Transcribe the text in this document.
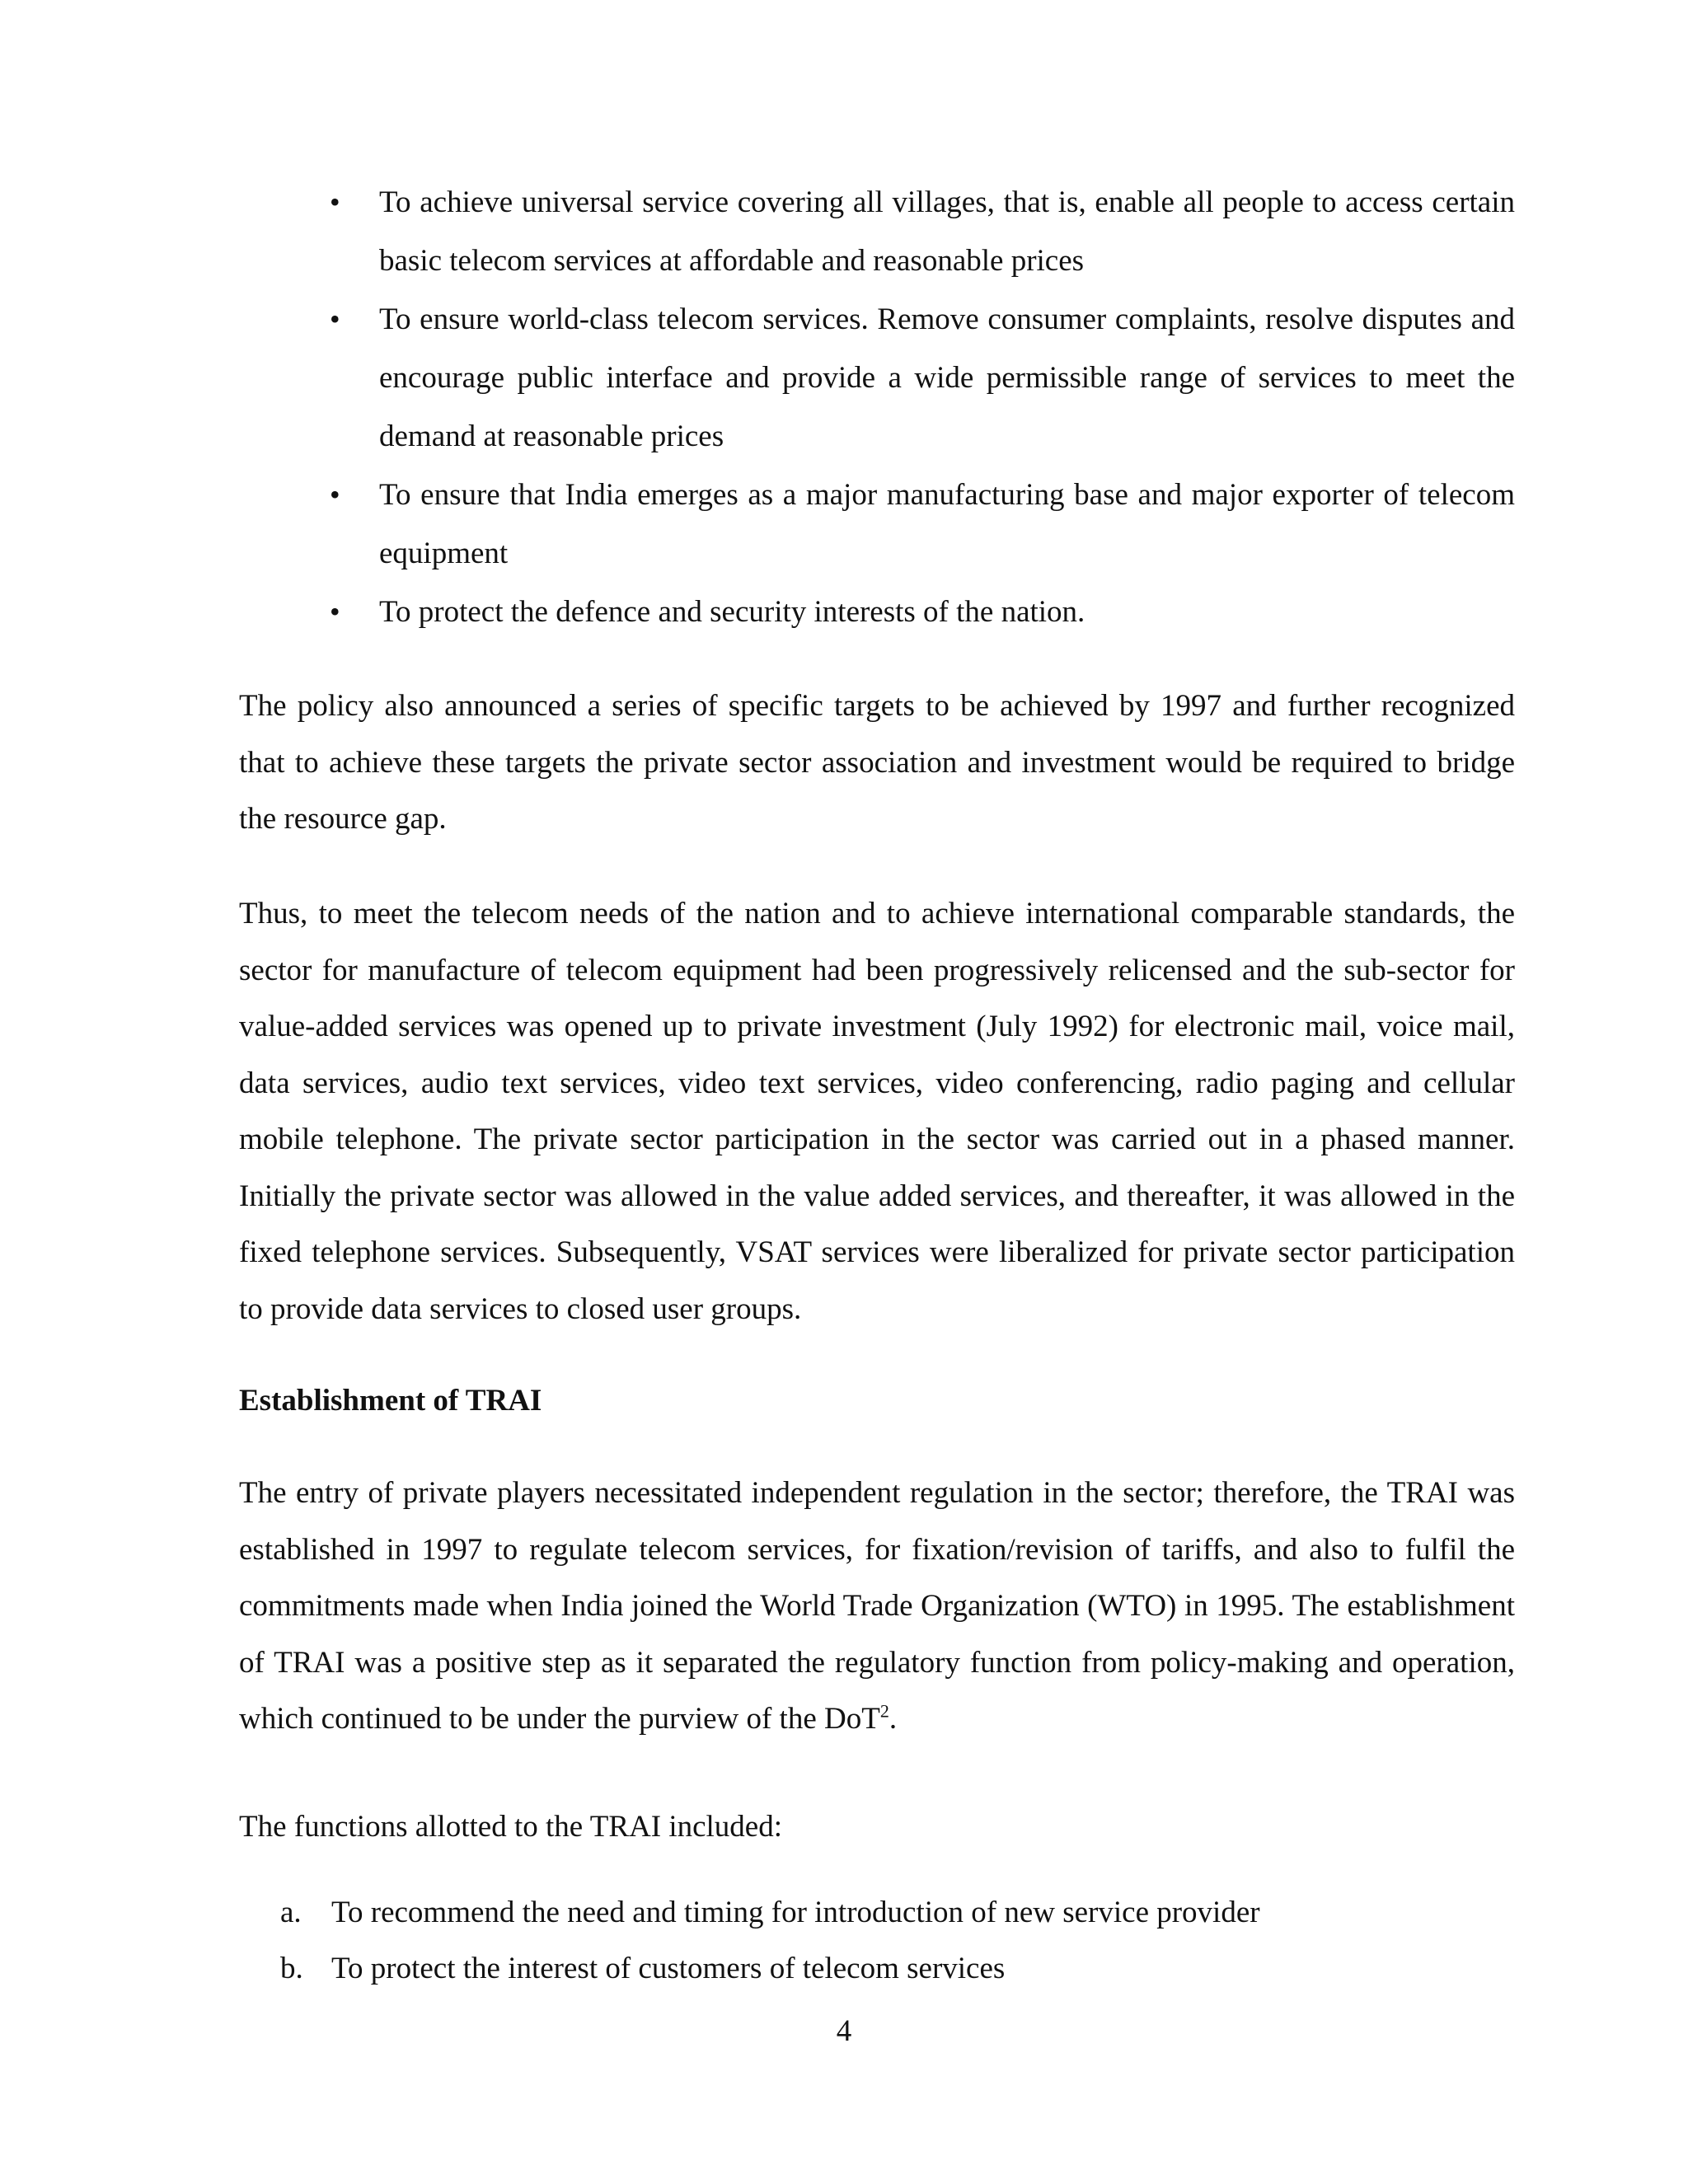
• To achieve universal service covering all villages, that is, enable all people to access certain basic telecom services at affordable and reasonable prices
• To ensure world-class telecom services. Remove consumer complaints, resolve disputes and encourage public interface and provide a wide permissible range of services to meet the demand at reasonable prices
• To ensure that India emerges as a major manufacturing base and major exporter of telecom equipment
• To protect the defence and security interests of the nation.

The policy also announced a series of specific targets to be achieved by 1997 and further recognized that to achieve these targets the private sector association and investment would be required to bridge the resource gap.

Thus, to meet the telecom needs of the nation and to achieve international comparable standards, the sector for manufacture of telecom equipment had been progressively relicensed and the sub-sector for value-added services was opened up to private investment (July 1992) for electronic mail, voice mail, data services, audio text services, video text services, video conferencing, radio paging and cellular mobile telephone. The private sector participation in the sector was carried out in a phased manner. Initially the private sector was allowed in the value added services, and thereafter, it was allowed in the fixed telephone services. Subsequently, VSAT services were liberalized for private sector participation to provide data services to closed user groups.

Establishment of TRAI

The entry of private players necessitated independent regulation in the sector; therefore, the TRAI was established in 1997 to regulate telecom services, for fixation/revision of tariffs, and also to fulfil the commitments made when India joined the World Trade Organization (WTO) in 1995. The establishment of TRAI was a positive step as it separated the regulatory function from policy-making and operation, which continued to be under the purview of the DoT$^2$.

The functions allotted to the TRAI included:

a. To recommend the need and timing for introduction of new service provider
b. To protect the interest of customers of telecom services
4
